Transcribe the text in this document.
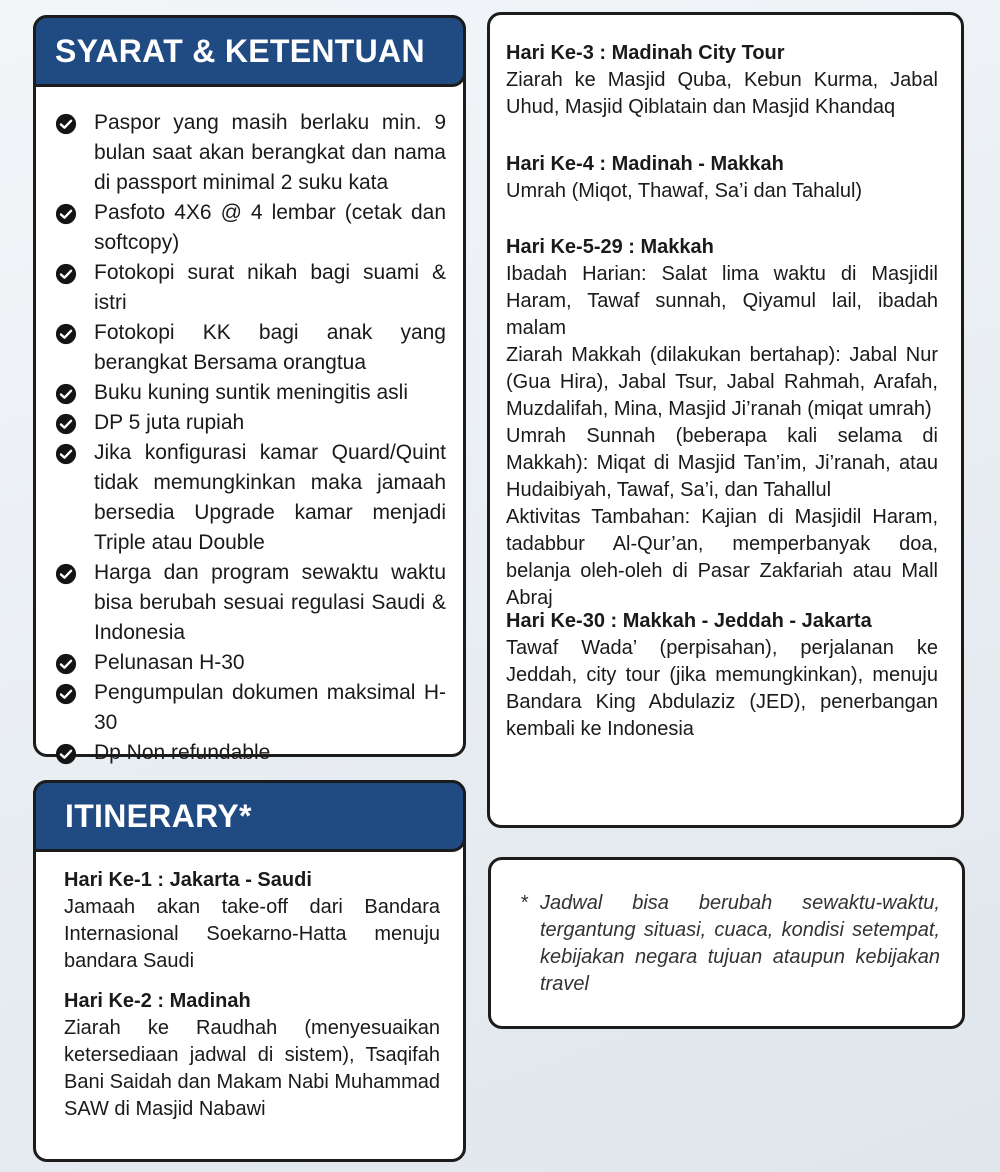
SYARAT & KETENTUAN
Paspor yang masih berlaku min. 9 bulan saat akan berangkat dan nama di passport minimal 2 suku kata
Pasfoto 4X6 @ 4 lembar (cetak dan softcopy)
Fotokopi surat nikah bagi suami & istri
Fotokopi KK bagi anak yang berangkat Bersama orangtua
Buku kuning suntik meningitis asli
DP 5 juta rupiah
Jika konfigurasi kamar Quard/Quint tidak memungkinkan maka jamaah bersedia Upgrade kamar menjadi Triple atau Double
Harga dan program sewaktu waktu bisa berubah sesuai regulasi Saudi & Indonesia
Pelunasan H-30
Pengumpulan dokumen maksimal H-30
Dp Non refundable
ITINERARY*
Hari Ke-1 : Jakarta - Saudi
Jamaah akan take-off dari Bandara Internasional Soekarno-Hatta menuju bandara Saudi
Hari Ke-2 : Madinah
Ziarah ke Raudhah (menyesuaikan ketersediaan jadwal di sistem), Tsaqifah Bani Saidah dan Makam Nabi Muhammad SAW di Masjid Nabawi
Hari Ke-3 : Madinah City Tour
Ziarah ke Masjid Quba, Kebun Kurma, Jabal Uhud, Masjid Qiblatain dan Masjid Khandaq
Hari Ke-4 : Madinah - Makkah
Umrah (Miqot, Thawaf, Sa’i dan Tahalul)
Hari Ke-5-29 : Makkah
Ibadah Harian: Salat lima waktu di Masjidil Haram, Tawaf sunnah, Qiyamul lail, ibadah malam
Ziarah Makkah (dilakukan bertahap): Jabal Nur (Gua Hira), Jabal Tsur, Jabal Rahmah, Arafah, Muzdalifah, Mina, Masjid Ji’ranah (miqat umrah)
Umrah Sunnah (beberapa kali selama di Makkah): Miqat di Masjid Tan’im, Ji’ranah, atau Hudaibiyah, Tawaf, Sa’i, dan Tahallul
Aktivitas Tambahan: Kajian di Masjidil Haram, tadabbur Al-Qur’an, memperbanyak doa, belanja oleh-oleh di Pasar Zakfariah atau Mall Abraj
Hari Ke-30 : Makkah - Jeddah - Jakarta
Tawaf Wada’ (perpisahan), perjalanan ke Jeddah, city tour (jika memungkinkan), menuju Bandara King Abdulaziz (JED), penerbangan kembali ke Indonesia
* Jadwal bisa berubah sewaktu-waktu, tergantung situasi, cuaca, kondisi setempat, kebijakan negara tujuan ataupun kebijakan travel
